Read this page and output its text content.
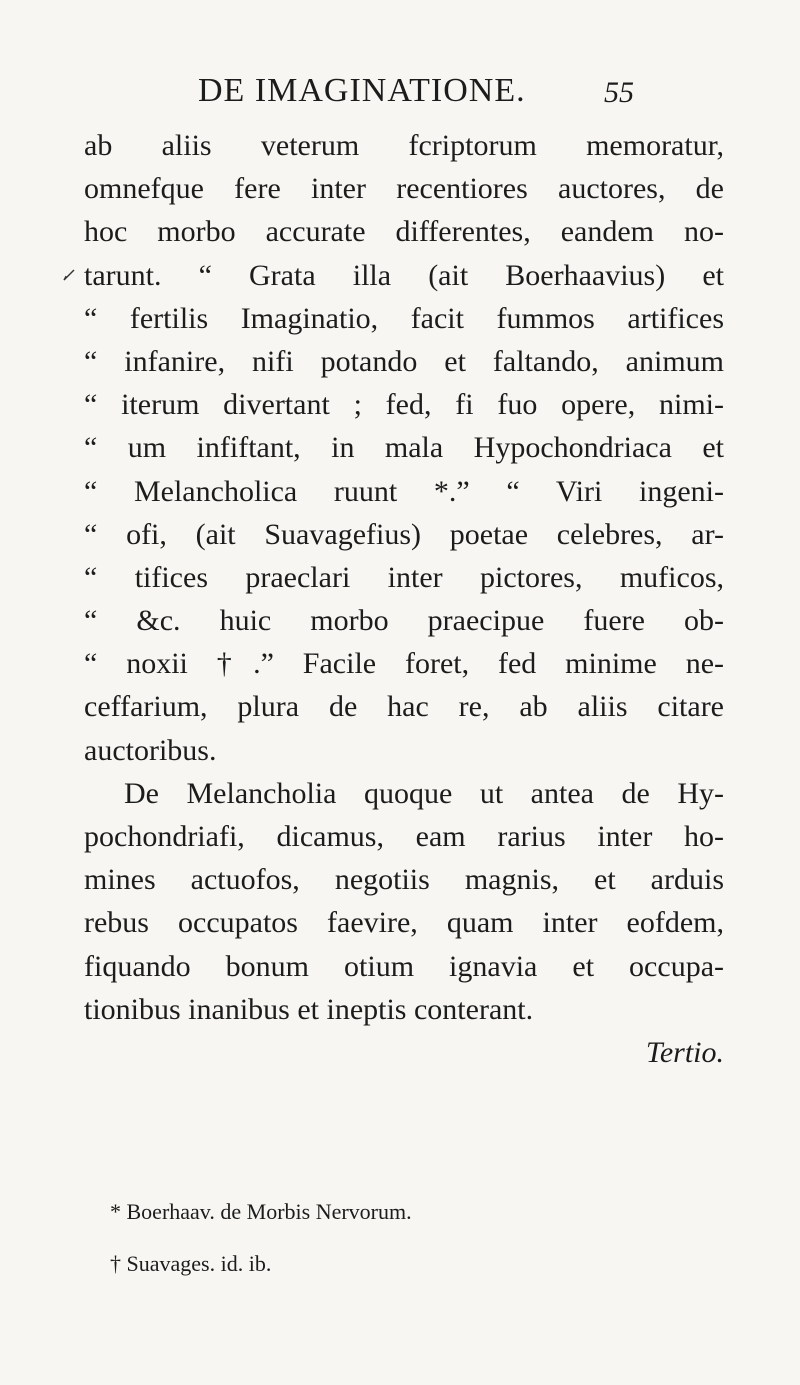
DE IMAGINATIONE.	55
ab aliis veterum fcriptorum memoratur,
omnefque fere inter recentiores auctores, de
hoc morbo accurate differentes, eandem no-
tarunt. “ Grata illa (ait Boerhaavius) et
“ fertilis Imaginatio, facit fummos artifices
“ infanire, nifi potando et faltando, animum
“ iterum divertant ; fed, fi fuo opere, nimi-
“ um infiftant, in mala Hypochondriaca et
“ Melancholica ruunt *.” “ Viri ingeni-
“ ofi, (ait Suavagefius) poetae celebres, ar-
“ tifices praeclari inter pictores, muficos,
“ &c. huic morbo praecipue fuere ob-
“ noxii †.” Facile foret, fed minime ne-
ceffarium, plura de hac re, ab aliis citare
auctoribus.
De Melancholia quoque ut antea de Hy-
pochondriafi, dicamus, eam rarius inter ho-
mines actuofos, negotiis magnis, et arduis
rebus occupatos faevire, quam inter eofdem,
fiquando bonum otium ignavia et occupa-
tionibus inanibus et ineptis conterant.
Tertio.
* Boerhaav. de Morbis Nervorum.
† Suavages. id. ib.
